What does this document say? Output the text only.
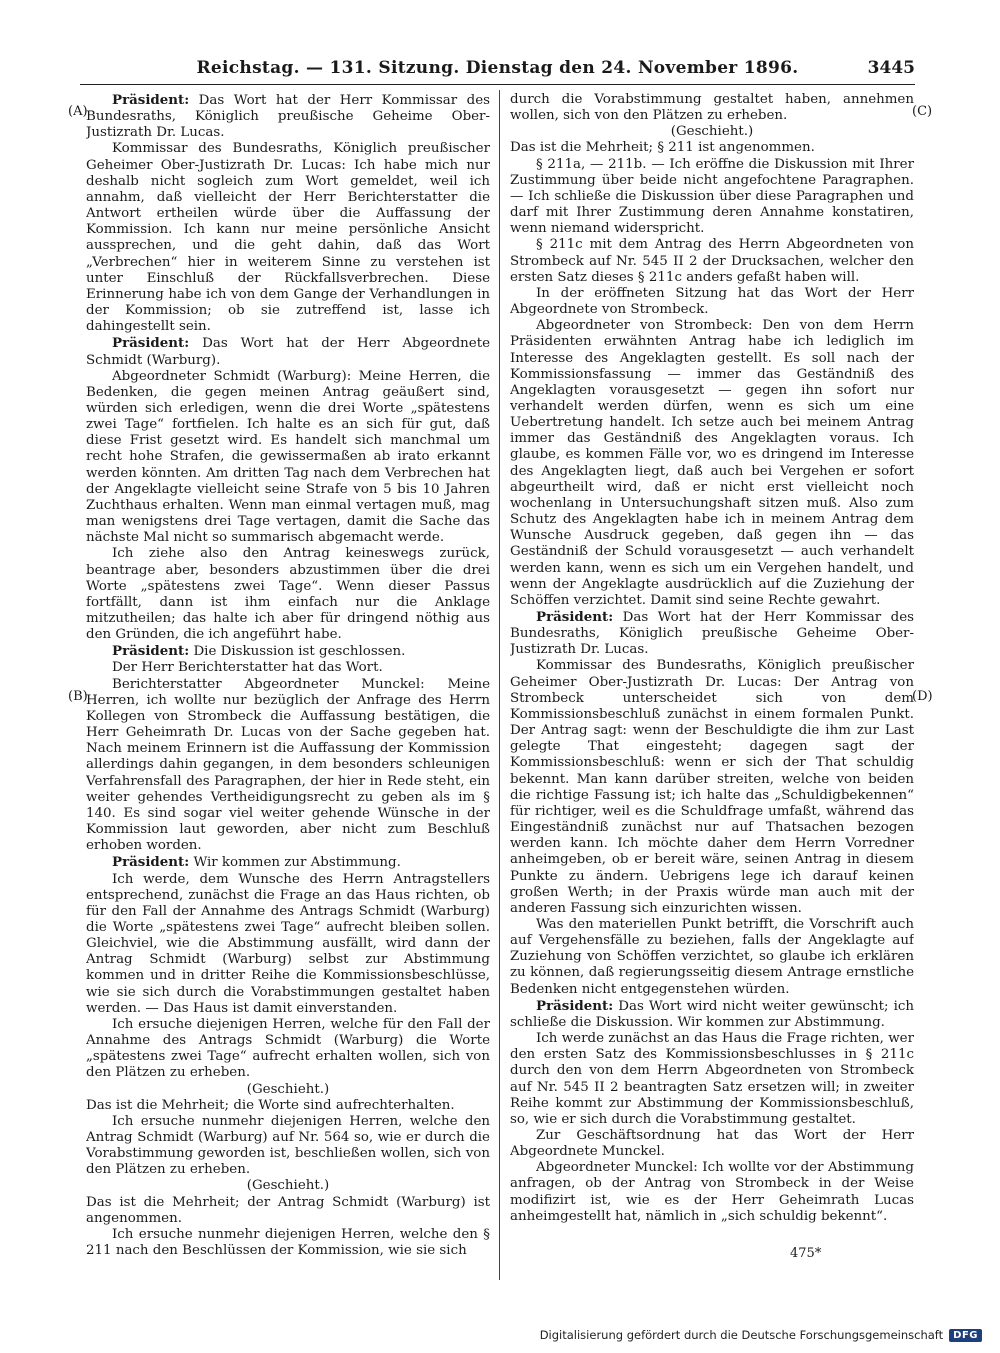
Reichstag. — 131. Sitzung. Dienstag den 24. November 1896.	3445
(A)
(B)
(C)
(D)

Präsident: Das Wort hat der Herr Kommissar des Bundesraths, Königlich preußische Geheime Ober-Justizrath Dr. Lucas.

Kommissar des Bundesraths, Königlich preußischer Geheimer Ober-Justizrath Dr. Lucas: Ich habe mich nur deshalb nicht sogleich zum Wort gemeldet, weil ich annahm, daß vielleicht der Herr Berichterstatter die Antwort ertheilen würde über die Auffassung der Kommission. Ich kann nur meine persönliche Ansicht aussprechen, und die geht dahin, daß das Wort „Verbrechen“ hier in weiterem Sinne zu verstehen ist unter Einschluß der Rückfallsverbrechen. Diese Erinnerung habe ich von dem Gange der Verhandlungen in der Kommission; ob sie zutreffend ist, lasse ich dahingestellt sein.

Präsident: Das Wort hat der Herr Abgeordnete Schmidt (Warburg).

Abgeordneter Schmidt (Warburg): Meine Herren, die Bedenken, die gegen meinen Antrag geäußert sind, würden sich erledigen, wenn die drei Worte „spätestens zwei Tage“ fortfielen. Ich halte es an sich für gut, daß diese Frist gesetzt wird. Es handelt sich manchmal um recht hohe Strafen, die gewissermaßen ab irato erkannt werden könnten. Am dritten Tag nach dem Verbrechen hat der Angeklagte vielleicht seine Strafe von 5 bis 10 Jahren Zuchthaus erhalten. Wenn man einmal vertagen muß, mag man wenigstens drei Tage vertagen, damit die Sache das nächste Mal nicht so summarisch abgemacht werde.

Ich ziehe also den Antrag keineswegs zurück, beantrage aber, besonders abzustimmen über die drei Worte „spätestens zwei Tage“. Wenn dieser Passus fortfällt, dann ist ihm einfach nur die Anklage mitzutheilen; das halte ich aber für dringend nöthig aus den Gründen, die ich angeführt habe.

Präsident: Die Diskussion ist geschlossen.

Der Herr Berichterstatter hat das Wort.

Berichterstatter Abgeordneter Munckel: Meine Herren, ich wollte nur bezüglich der Anfrage des Herrn Kollegen von Strombeck die Auffassung bestätigen, die Herr Geheimrath Dr. Lucas von der Sache gegeben hat. Nach meinem Erinnern ist die Auffassung der Kommission allerdings dahin gegangen, in dem besonders schleunigen Verfahrensfall des Paragraphen, der hier in Rede steht, ein weiter gehendes Vertheidigungsrecht zu geben als im § 140. Es sind sogar viel weiter gehende Wünsche in der Kommission laut geworden, aber nicht zum Beschluß erhoben worden.

Präsident: Wir kommen zur Abstimmung.

Ich werde, dem Wunsche des Herrn Antragstellers entsprechend, zunächst die Frage an das Haus richten, ob für den Fall der Annahme des Antrags Schmidt (Warburg) die Worte „spätestens zwei Tage“ aufrecht bleiben sollen. Gleichviel, wie die Abstimmung ausfällt, wird dann der Antrag Schmidt (Warburg) selbst zur Abstimmung kommen und in dritter Reihe die Kommissionsbeschlüsse, wie sie sich durch die Vorabstimmungen gestaltet haben werden. — Das Haus ist damit einverstanden.

Ich ersuche diejenigen Herren, welche für den Fall der Annahme des Antrags Schmidt (Warburg) die Worte „spätestens zwei Tage“ aufrecht erhalten wollen, sich von den Plätzen zu erheben.

(Geschieht.)

Das ist die Mehrheit; die Worte sind aufrechterhalten.

Ich ersuche nunmehr diejenigen Herren, welche den Antrag Schmidt (Warburg) auf Nr. 564 so, wie er durch die Vorabstimmung geworden ist, beschließen wollen, sich von den Plätzen zu erheben.

(Geschieht.)

Das ist die Mehrheit; der Antrag Schmidt (Warburg) ist angenommen.

Ich ersuche nunmehr diejenigen Herren, welche den § 211 nach den Beschlüssen der Kommission, wie sie sich

durch die Vorabstimmung gestaltet haben, annehmen wollen, sich von den Plätzen zu erheben.

(Geschieht.)

Das ist die Mehrheit; § 211 ist angenommen.

§ 211a, — 211b. — Ich eröffne die Diskussion mit Ihrer Zustimmung über beide nicht angefochtene Paragraphen. — Ich schließe die Diskussion über diese Paragraphen und darf mit Ihrer Zustimmung deren Annahme konstatiren, wenn niemand widerspricht.

§ 211c mit dem Antrag des Herrn Abgeordneten von Strombeck auf Nr. 545 II 2 der Drucksachen, welcher den ersten Satz dieses § 211c anders gefaßt haben will.

In der eröffneten Sitzung hat das Wort der Herr Abgeordnete von Strombeck.

Abgeordneter von Strombeck: Den von dem Herrn Präsidenten erwähnten Antrag habe ich lediglich im Interesse des Angeklagten gestellt. Es soll nach der Kommissionsfassung — immer das Geständniß des Angeklagten vorausgesetzt — gegen ihn sofort nur verhandelt werden dürfen, wenn es sich um eine Uebertretung handelt. Ich setze auch bei meinem Antrag immer das Geständniß des Angeklagten voraus. Ich glaube, es kommen Fälle vor, wo es dringend im Interesse des Angeklagten liegt, daß auch bei Vergehen er sofort abgeurtheilt wird, daß er nicht erst vielleicht noch wochenlang in Untersuchungshaft sitzen muß. Also zum Schutz des Angeklagten habe ich in meinem Antrag dem Wunsche Ausdruck gegeben, daß gegen ihn — das Geständniß der Schuld vorausgesetzt — auch verhandelt werden kann, wenn es sich um ein Vergehen handelt, und wenn der Angeklagte ausdrücklich auf die Zuziehung der Schöffen verzichtet. Damit sind seine Rechte gewahrt.

Präsident: Das Wort hat der Herr Kommissar des Bundesraths, Königlich preußische Geheime Ober-Justizrath Dr. Lucas.

Kommissar des Bundesraths, Königlich preußischer Geheimer Ober-Justizrath Dr. Lucas: Der Antrag von Strombeck unterscheidet sich von dem Kommissionsbeschluß zunächst in einem formalen Punkt. Der Antrag sagt: wenn der Beschuldigte die ihm zur Last gelegte That eingesteht; dagegen sagt der Kommissionsbeschluß: wenn er sich der That schuldig bekennt. Man kann darüber streiten, welche von beiden die richtige Fassung ist; ich halte das „Schuldigbekennen“ für richtiger, weil es die Schuldfrage umfaßt, während das Eingeständniß zunächst nur auf Thatsachen bezogen werden kann. Ich möchte daher dem Herrn Vorredner anheimgeben, ob er bereit wäre, seinen Antrag in diesem Punkte zu ändern. Uebrigens lege ich darauf keinen großen Werth; in der Praxis würde man auch mit der anderen Fassung sich einzurichten wissen.

Was den materiellen Punkt betrifft, die Vorschrift auch auf Vergehensfälle zu beziehen, falls der Angeklagte auf Zuziehung von Schöffen verzichtet, so glaube ich erklären zu können, daß regierungsseitig diesem Antrage ernstliche Bedenken nicht entgegenstehen würden.

Präsident: Das Wort wird nicht weiter gewünscht; ich schließe die Diskussion. Wir kommen zur Abstimmung.

Ich werde zunächst an das Haus die Frage richten, wer den ersten Satz des Kommissionsbeschlusses in § 211c durch den von dem Herrn Abgeordneten von Strombeck auf Nr. 545 II 2 beantragten Satz ersetzen will; in zweiter Reihe kommt zur Abstimmung der Kommissionsbeschluß, so, wie er sich durch die Vorabstimmung gestaltet.

Zur Geschäftsordnung hat das Wort der Herr Abgeordnete Munckel.

Abgeordneter Munckel: Ich wollte vor der Abstimmung anfragen, ob der Antrag von Strombeck in der Weise modifizirt ist, wie es der Herr Geheimrath Lucas anheimgestellt hat, nämlich in „sich schuldig bekennt“.

475*
Digitalisierung gefördert durch die Deutsche Forschungsgemeinschaft	DFG
